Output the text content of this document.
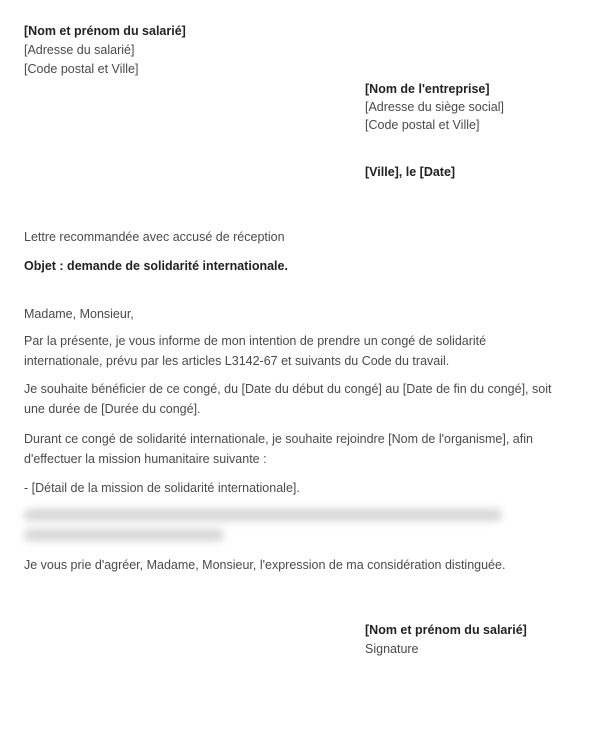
[Nom et prénom du salarié]
[Adresse du salarié]
[Code postal et Ville]
[Nom de l'entreprise]
[Adresse du siège social]
[Code postal et Ville]
[Ville], le [Date]
Lettre recommandée avec accusé de réception
Objet : demande de solidarité internationale.
Madame, Monsieur,
Par la présente, je vous informe de mon intention de prendre un congé de solidarité
internationale, prévu par les articles L3142-67 et suivants du Code du travail.
Je souhaite bénéficier de ce congé, du [Date du début du congé] au [Date de fin du congé], soit
une durée de [Durée du congé].
Durant ce congé de solidarité internationale, je souhaite rejoindre [Nom de l'organisme], afin
d'effectuer la mission humanitaire suivante :
- [Détail de la mission de solidarité internationale].
Je vous prie d'agréer, Madame, Monsieur, l'expression de ma considération distinguée.
[Nom et prénom du salarié]
Signature
